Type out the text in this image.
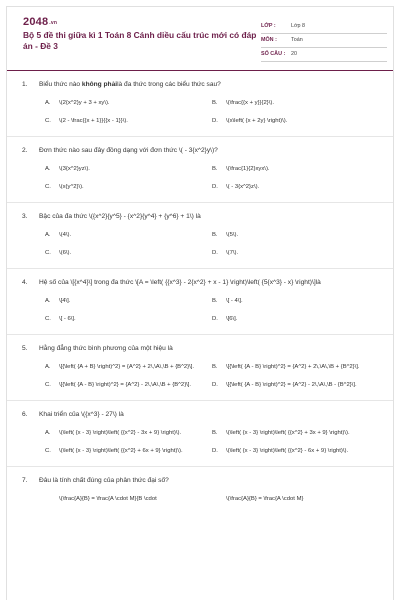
2048.vn
Bộ 5 đề thi giữa kì 1 Toán 8 Cánh diều cấu trúc mới có đáp án - Đề 3
LỚP :	Lớp 8
MÔN :	Toán
SỐ CÂU : 20
1.	Biểu thức nào không phảilà đa thức trong các biểu thức sau?
A.	\(2{x^2}y + 3 + xy\).	B.	\(\frac{{x + y}}{2}\).
C.	\(2 - \frac{{x + 1}}{{x - 1}}\).	D.	\(x\left( {x + 2y} \right)\).
2.	Đơn thức nào sau đây đồng dạng với đơn thức \( - 3{x^2}y\)?
A.	\(3{x^2}yz\).	B.	\(\frac{1}{2}xyx\).
C.	\(x{y^2}\).	D.	\( - 3{x^2}z\).
3.	Bậc của đa thức \({x^2}{y^5} - {x^2}{y^4} + {y^6} + 1\) là
A.	\(4\).	B.	\(5\).
C.	\(6\).	D.	\(7\).
4.	Hệ số của \[{x^4}\] trong đa thức \[A = \left( {{x^3} - 2{x^2} + x - 1} \right)\left( {5{x^3} - x} \right)\]là
A.	\[4\].	B.	\[ - 4\].
C.	\[ - 6\].	D.	\[6\].
5.	Hằng đẳng thức bình phương của một hiệu là
A.	\[{\left( {A + B} \right)^2} = {A^2} + 2\,\A\,\B + {B^2}\].	B.	\[{\left( {A - B} \right)^2} = {A^2} + 2\,\A\,\B + {B^2}\].
C.	\[{\left( {A - B} \right)^2} = {A^2} - 2\,\A\,\B + {B^2}\].	D.	\[{\left( {A - B} \right)^2} = {A^2} - 2\,\A\,\B - {B^2}\].
6.	Khai triển của \({x^3} - 27\) là
A.	\(\left( {x - 3} \right)\left( {{x^2} - 3x + 9} \right)\).	B.	\(\left( {x - 3} \right)\left( {{x^2} + 3x + 9} \right)\).
C.	\(\left( {x - 3} \right)\left( {{x^2} + 6x + 9} \right)\).	D.	\(\left( {x - 3} \right)\left( {{x^2} - 6x + 9} \right)\).
7.	Đâu là tính chất đúng của phân thức đại số?
\(\frac{A}{B} = \frac{A \cdot M}{B \cdot	\(\frac{A}{B} = \frac{A \cdot M}
